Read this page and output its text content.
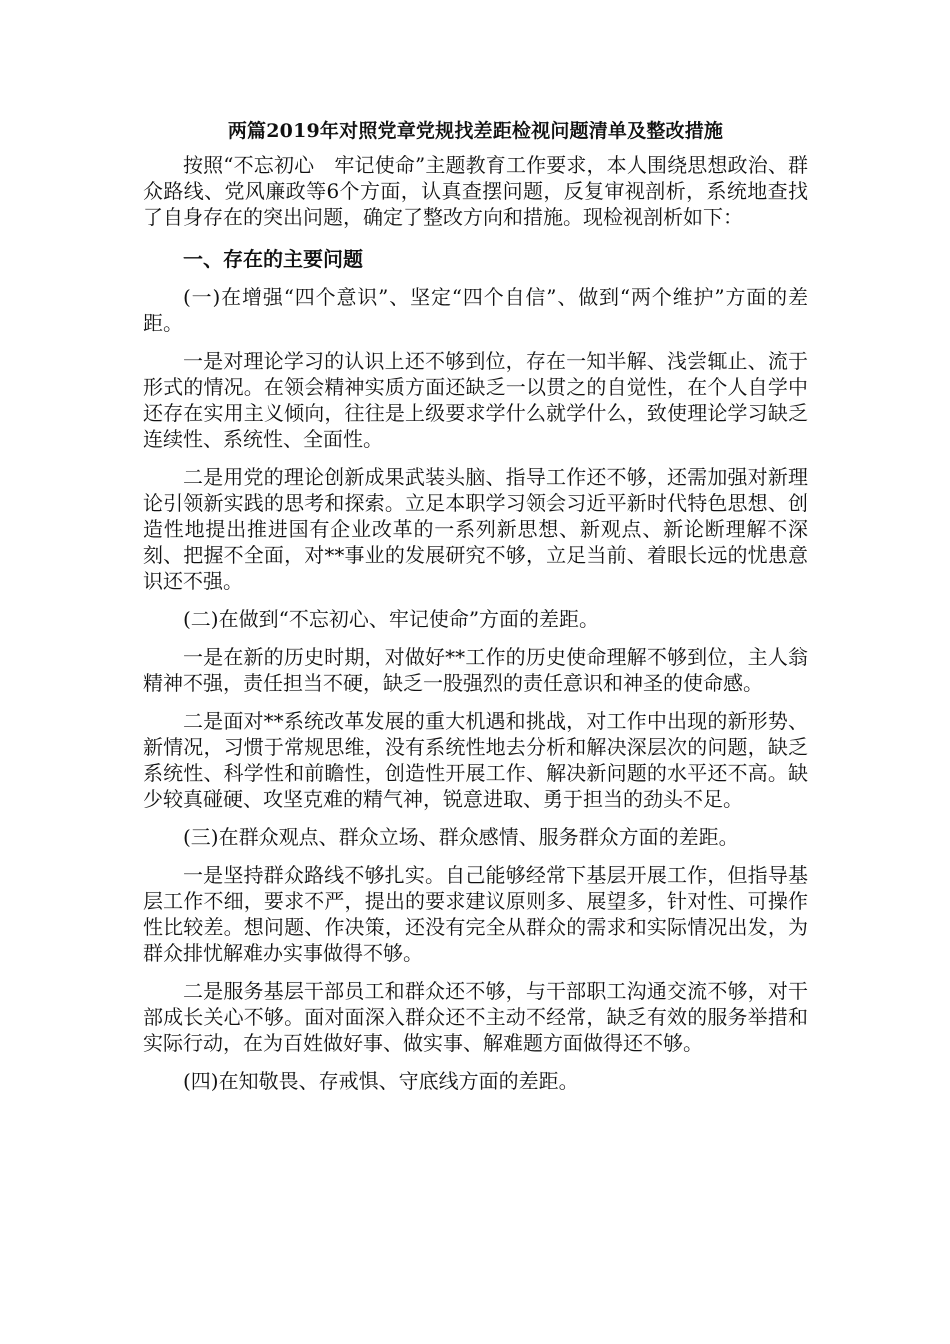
两篇2019年对照党章党规找差距检视问题清单及整改措施

按照“不忘初心　牢记使命”主题教育工作要求，本人围绕思想政治、群众路线、党风廉政等6个方面，认真查摆问题，反复审视剖析，系统地查找了自身存在的突出问题，确定了整改方向和措施。现检视剖析如下：

一、存在的主要问题

(一)在增强“四个意识”、坚定“四个自信”、做到“两个维护”方面的差距。

一是对理论学习的认识上还不够到位，存在一知半解、浅尝辄止、流于形式的情况。在领会精神实质方面还缺乏一以贯之的自觉性，在个人自学中还存在实用主义倾向，往往是上级要求学什么就学什么，致使理论学习缺乏连续性、系统性、全面性。

二是用党的理论创新成果武装头脑、指导工作还不够，还需加强对新理论引领新实践的思考和探索。立足本职学习领会习近平新时代特色思想、创造性地提出推进国有企业改革的一系列新思想、新观点、新论断理解不深刻、把握不全面，对**事业的发展研究不够，立足当前、着眼长远的忧患意识还不强。

(二)在做到“不忘初心、牢记使命”方面的差距。

一是在新的历史时期，对做好**工作的历史使命理解不够到位，主人翁精神不强，责任担当不硬，缺乏一股强烈的责任意识和神圣的使命感。

二是面对**系统改革发展的重大机遇和挑战，对工作中出现的新形势、新情况，习惯于常规思维，没有系统性地去分析和解决深层次的问题，缺乏系统性、科学性和前瞻性，创造性开展工作、解决新问题的水平还不高。缺少较真碰硬、攻坚克难的精气神，锐意进取、勇于担当的劲头不足。

(三)在群众观点、群众立场、群众感情、服务群众方面的差距。

一是坚持群众路线不够扎实。自己能够经常下基层开展工作，但指导基层工作不细，要求不严，提出的要求建议原则多、展望多，针对性、可操作性比较差。想问题、作决策，还没有完全从群众的需求和实际情况出发，为群众排忧解难办实事做得不够。

二是服务基层干部员工和群众还不够，与干部职工沟通交流不够，对干部成长关心不够。面对面深入群众还不主动不经常，缺乏有效的服务举措和实际行动，在为百姓做好事、做实事、解难题方面做得还不够。

(四)在知敬畏、存戒惧、守底线方面的差距。
